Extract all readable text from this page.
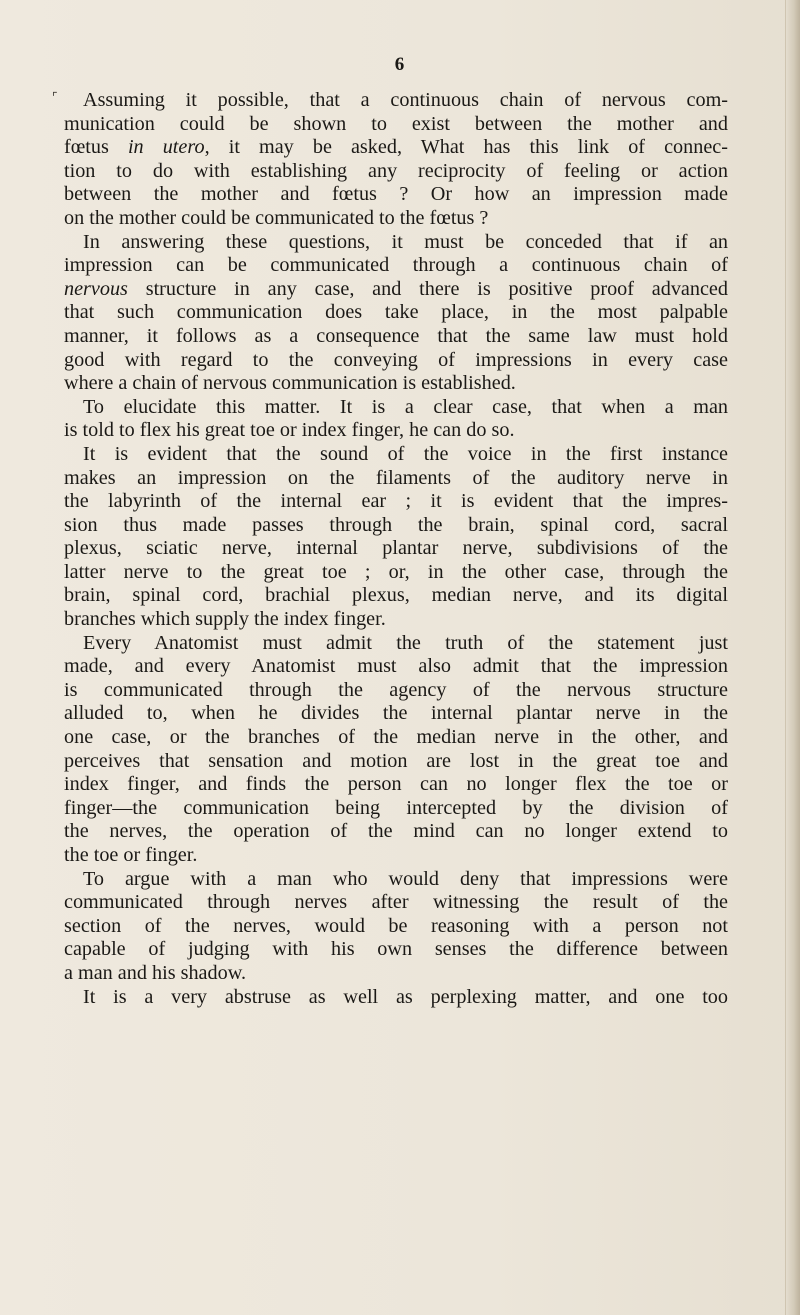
⌜
6
Assuming it possible, that a continuous chain of nervous com-
munication could be shown to exist between the mother and
fœtus in utero, it may be asked, What has this link of connec-
tion to do with establishing any reciprocity of feeling or action
between the mother and fœtus ? Or how an impression made
on the mother could be communicated to the fœtus ?
In answering these questions, it must be conceded that if an
impression can be communicated through a continuous chain of
nervous structure in any case, and there is positive proof advanced
that such communication does take place, in the most palpable
manner, it follows as a consequence that the same law must hold
good with regard to the conveying of impressions in every case
where a chain of nervous communication is established.
To elucidate this matter. It is a clear case, that when a man
is told to flex his great toe or index finger, he can do so.
It is evident that the sound of the voice in the first instance
makes an impression on the filaments of the auditory nerve in
the labyrinth of the internal ear ; it is evident that the impres-
sion thus made passes through the brain, spinal cord, sacral
plexus, sciatic nerve, internal plantar nerve, subdivisions of the
latter nerve to the great toe ; or, in the other case, through the
brain, spinal cord, brachial plexus, median nerve, and its digital
branches which supply the index finger.
Every Anatomist must admit the truth of the statement just
made, and every Anatomist must also admit that the impression
is communicated through the agency of the nervous structure
alluded to, when he divides the internal plantar nerve in the
one case, or the branches of the median nerve in the other, and
perceives that sensation and motion are lost in the great toe and
index finger, and finds the person can no longer flex the toe or
finger—the communication being intercepted by the division of
the nerves, the operation of the mind can no longer extend to
the toe or finger.
To argue with a man who would deny that impressions were
communicated through nerves after witnessing the result of the
section of the nerves, would be reasoning with a person not
capable of judging with his own senses the difference between
a man and his shadow.
It is a very abstruse as well as perplexing matter, and one too
